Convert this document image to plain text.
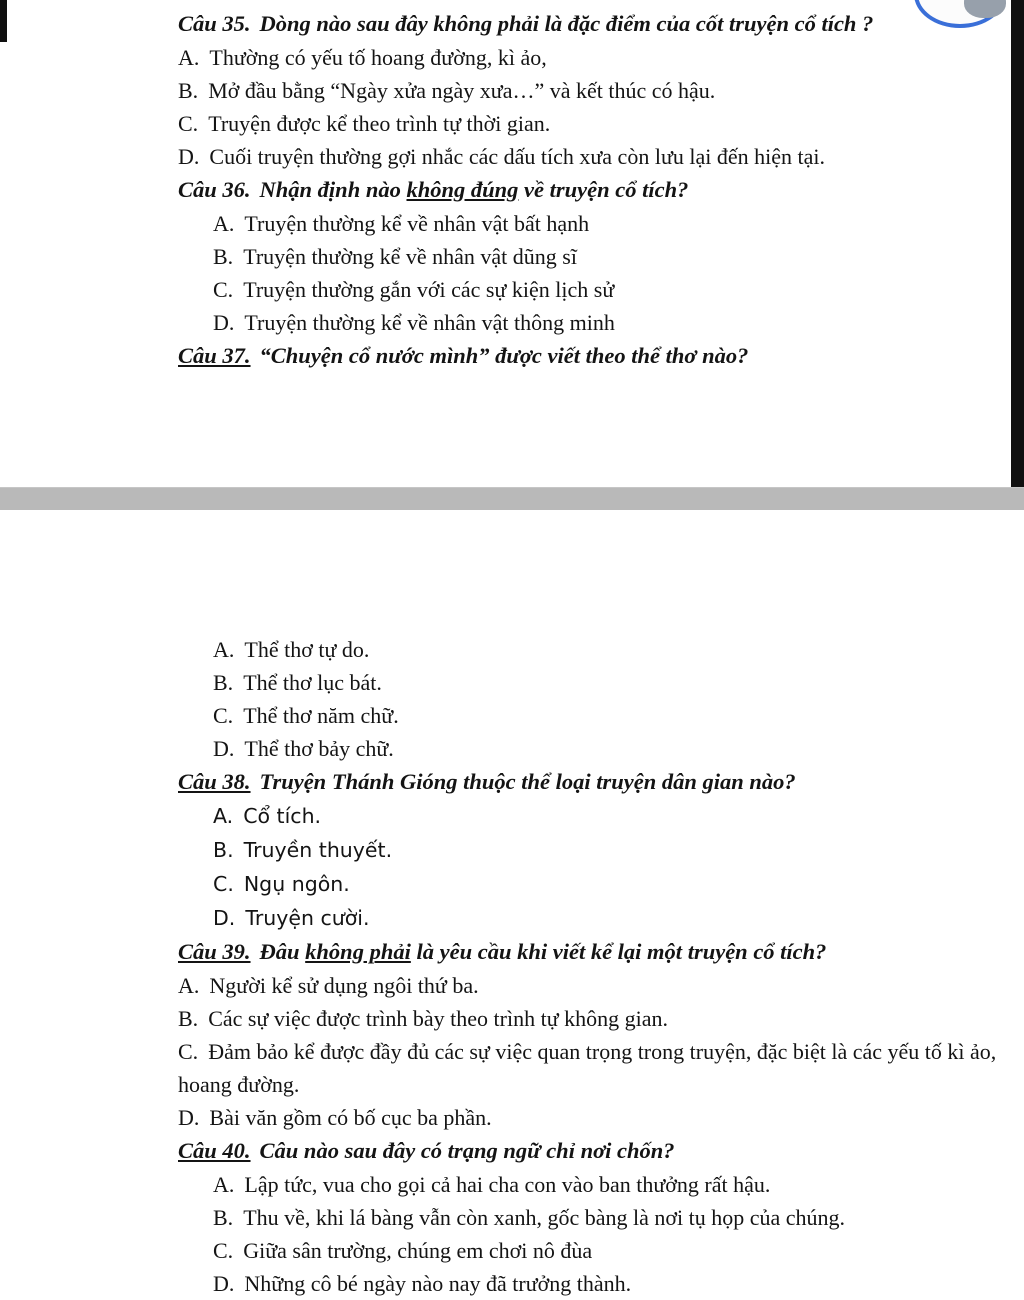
Câu 35. Dòng nào sau đây không phải là đặc điểm của cốt truyện cổ tích ?
A. Thường có yếu tố hoang đường, kì ảo,
B. Mở đầu bằng “Ngày xửa ngày xưa…” và kết thúc có hậu.
C. Truyện được kể theo trình tự thời gian.
D. Cuối truyện thường gợi nhắc các dấu tích xưa còn lưu lại đến hiện tại.
Câu 36. Nhận định nào không đúng về truyện cổ tích?
A. Truyện thường kể về nhân vật bất hạnh
B. Truyện thường kể về nhân vật dũng sĩ
C. Truyện thường gắn với các sự kiện lịch sử
D. Truyện thường kể về nhân vật thông minh
Câu 37. “Chuyện cổ nước mình” được viết theo thể thơ nào?
A. Thể thơ tự do.
B. Thể thơ lục bát.
C. Thể thơ năm chữ.
D. Thể thơ bảy chữ.
Câu 38. Truyện Thánh Gióng thuộc thể loại truyện dân gian nào?
A. Cổ tích.
B. Truyền thuyết.
C. Ngụ ngôn.
D. Truyện cười.
Câu 39. Đâu không phải là yêu cầu khi viết kể lại một truyện cổ tích?
A. Người kể sử dụng ngôi thứ ba.
B. Các sự việc được trình bày theo trình tự không gian.
C. Đảm bảo kể được đầy đủ các sự việc quan trọng trong truyện, đặc biệt là các yếu tố kì ảo, hoang đường.
D. Bài văn gồm có bố cục ba phần.
Câu 40. Câu nào sau đây có trạng ngữ chỉ nơi chốn?
A. Lập tức, vua cho gọi cả hai cha con vào ban thưởng rất hậu.
B. Thu về, khi lá bàng vẫn còn xanh, gốc bàng là nơi tụ họp của chúng.
C. Giữa sân trường, chúng em chơi nô đùa
D. Những cô bé ngày nào nay đã trưởng thành.
